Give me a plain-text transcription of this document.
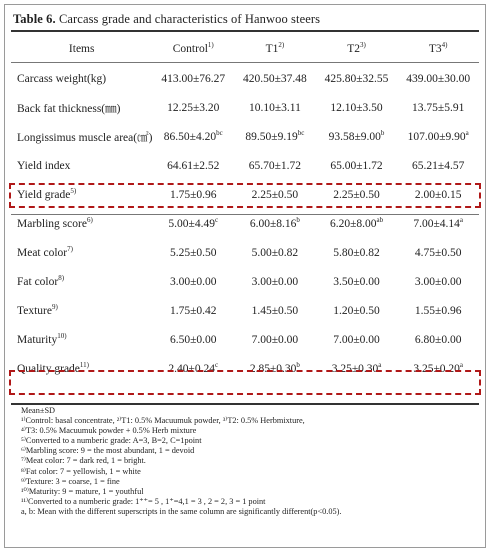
Table 6. Carcass grade and characteristics of Hanwoo steers
Items	Control$^{1)}$	T1$^{2)}$	T2$^{3)}$	T3$^{4)}$
Carcass weight(kg)	413.00±76.27	420.50±37.48	425.80±32.55	439.00±30.00
Back fat thickness(㎜)	12.25±3.20	10.10±3.11	12.10±3.50	13.75±5.91
Longissimus muscle area(㎠)	86.50±4.20$^{bc}$	89.50±9.19$^{bc}$	93.58±9.00$^b$	107.00±9.90$^a$
Yield index	64.61±2.52	65.70±1.72	65.00±1.72	65.21±4.57
Yield grade$^{5)}$	1.75±0.96	2.25±0.50	2.25±0.50	2.00±0.15
Marbling score$^{6)}$	5.00±4.49$^c$	6.00±8.16$^b$	6.20±8.00$^{ab}$	7.00±4.14$^a$
Meat color$^{7)}$	5.25±0.50	5.00±0.82	5.80±0.82	4.75±0.50
Fat color$^{8)}$	3.00±0.00	3.00±0.00	3.50±0.00	3.00±0.00
Texture$^{9)}$	1.75±0.42	1.45±0.50	1.20±0.50	1.55±0.96
Maturity$^{10)}$	6.50±0.00	7.00±0.00	7.00±0.00	6.80±0.00
Quality grade$^{11)}$	2.40±0.24$^c$	2.85±0.30$^b$	3.25±0.30$^a$	3.25±0.20$^a$
Mean±SD
¹⁾Control: basal concentrate, ²⁾T1: 0.5% Macuumuk powder, ³⁾T2: 0.5% Herbmixture,
⁴⁾T3: 0.5% Macuumuk powder + 0.5% Herb mixture
⁵⁾Converted to a numberic grade: A=3, B=2, C=1point
⁶⁾Marbling score: 9 = the most abundant, 1 = devoid
⁷⁾Meat color: 7 = dark red, 1 = bright.
⁸⁾Fat color: 7 = yellowish, 1 = white
⁹⁾Texture: 3 = coarse, 1 = fine
¹⁰⁾Maturity: 9 = mature, 1 = youthful
¹¹⁾Converted to a numberic grade: 1⁺⁺= 5 , 1⁺=4,1 = 3 , 2 = 2, 3 = 1 point
a, b: Mean with the different superscripts in the same column are significantly different(p<0.05).
